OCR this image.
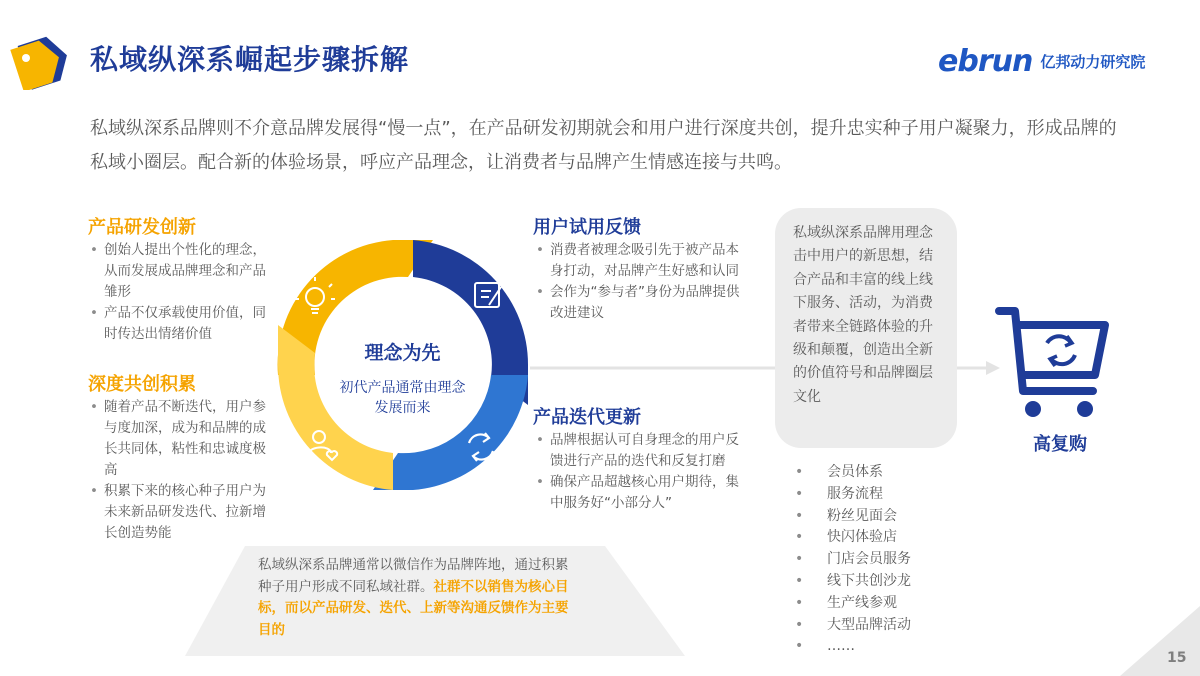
私域纵深系崛起步骤拆解	ebrun 亿邦动力研究院

私域纵深系品牌则不介意品牌发展得“慢一点”，在产品研发初期就会和用户进行深度共创，提升忠实种子用户凝聚力，形成品牌的私域小圈层。配合新的体验场景，呼应产品理念，让消费者与品牌产生情感连接与共鸣。

产品研发创新
• 创始人提出个性化的理念，从而发展成品牌理念和产品雏形
• 产品不仅承载使用价值，同时传达出情绪价值
深度共创积累
• 随着产品不断迭代，用户参与度加深，成为和品牌的成长共同体，粘性和忠诚度极高
• 积累下来的核心种子用户为未来新品研发迭代、拉新增长创造势能
理念为先
初代产品通常由理念发展而来
用户试用反馈
• 消费者被理念吸引先于被产品本身打动，对品牌产生好感和认同
• 会作为“参与者”身份为品牌提供改进建议
产品迭代更新
• 品牌根据认可自身理念的用户反馈进行产品的迭代和反复打磨
• 确保产品超越核心用户期待，集中服务好“小部分人”
私域纵深系品牌用理念击中用户的新思想，结合产品和丰富的线上线下服务、活动，为消费者带来全链路体验的升级和颠覆，创造出全新的价值符号和品牌圈层文化
高复购
• 会员体系
• 服务流程
• 粉丝见面会
• 快闪体验店
• 门店会员服务
• 线下共创沙龙
• 生产线参观
• 大型品牌活动
• ……
私域纵深系品牌通常以微信作为品牌阵地，通过积累种子用户形成不同私域社群。社群不以销售为核心目标，而以产品研发、迭代、上新等沟通反馈作为主要目的
15
